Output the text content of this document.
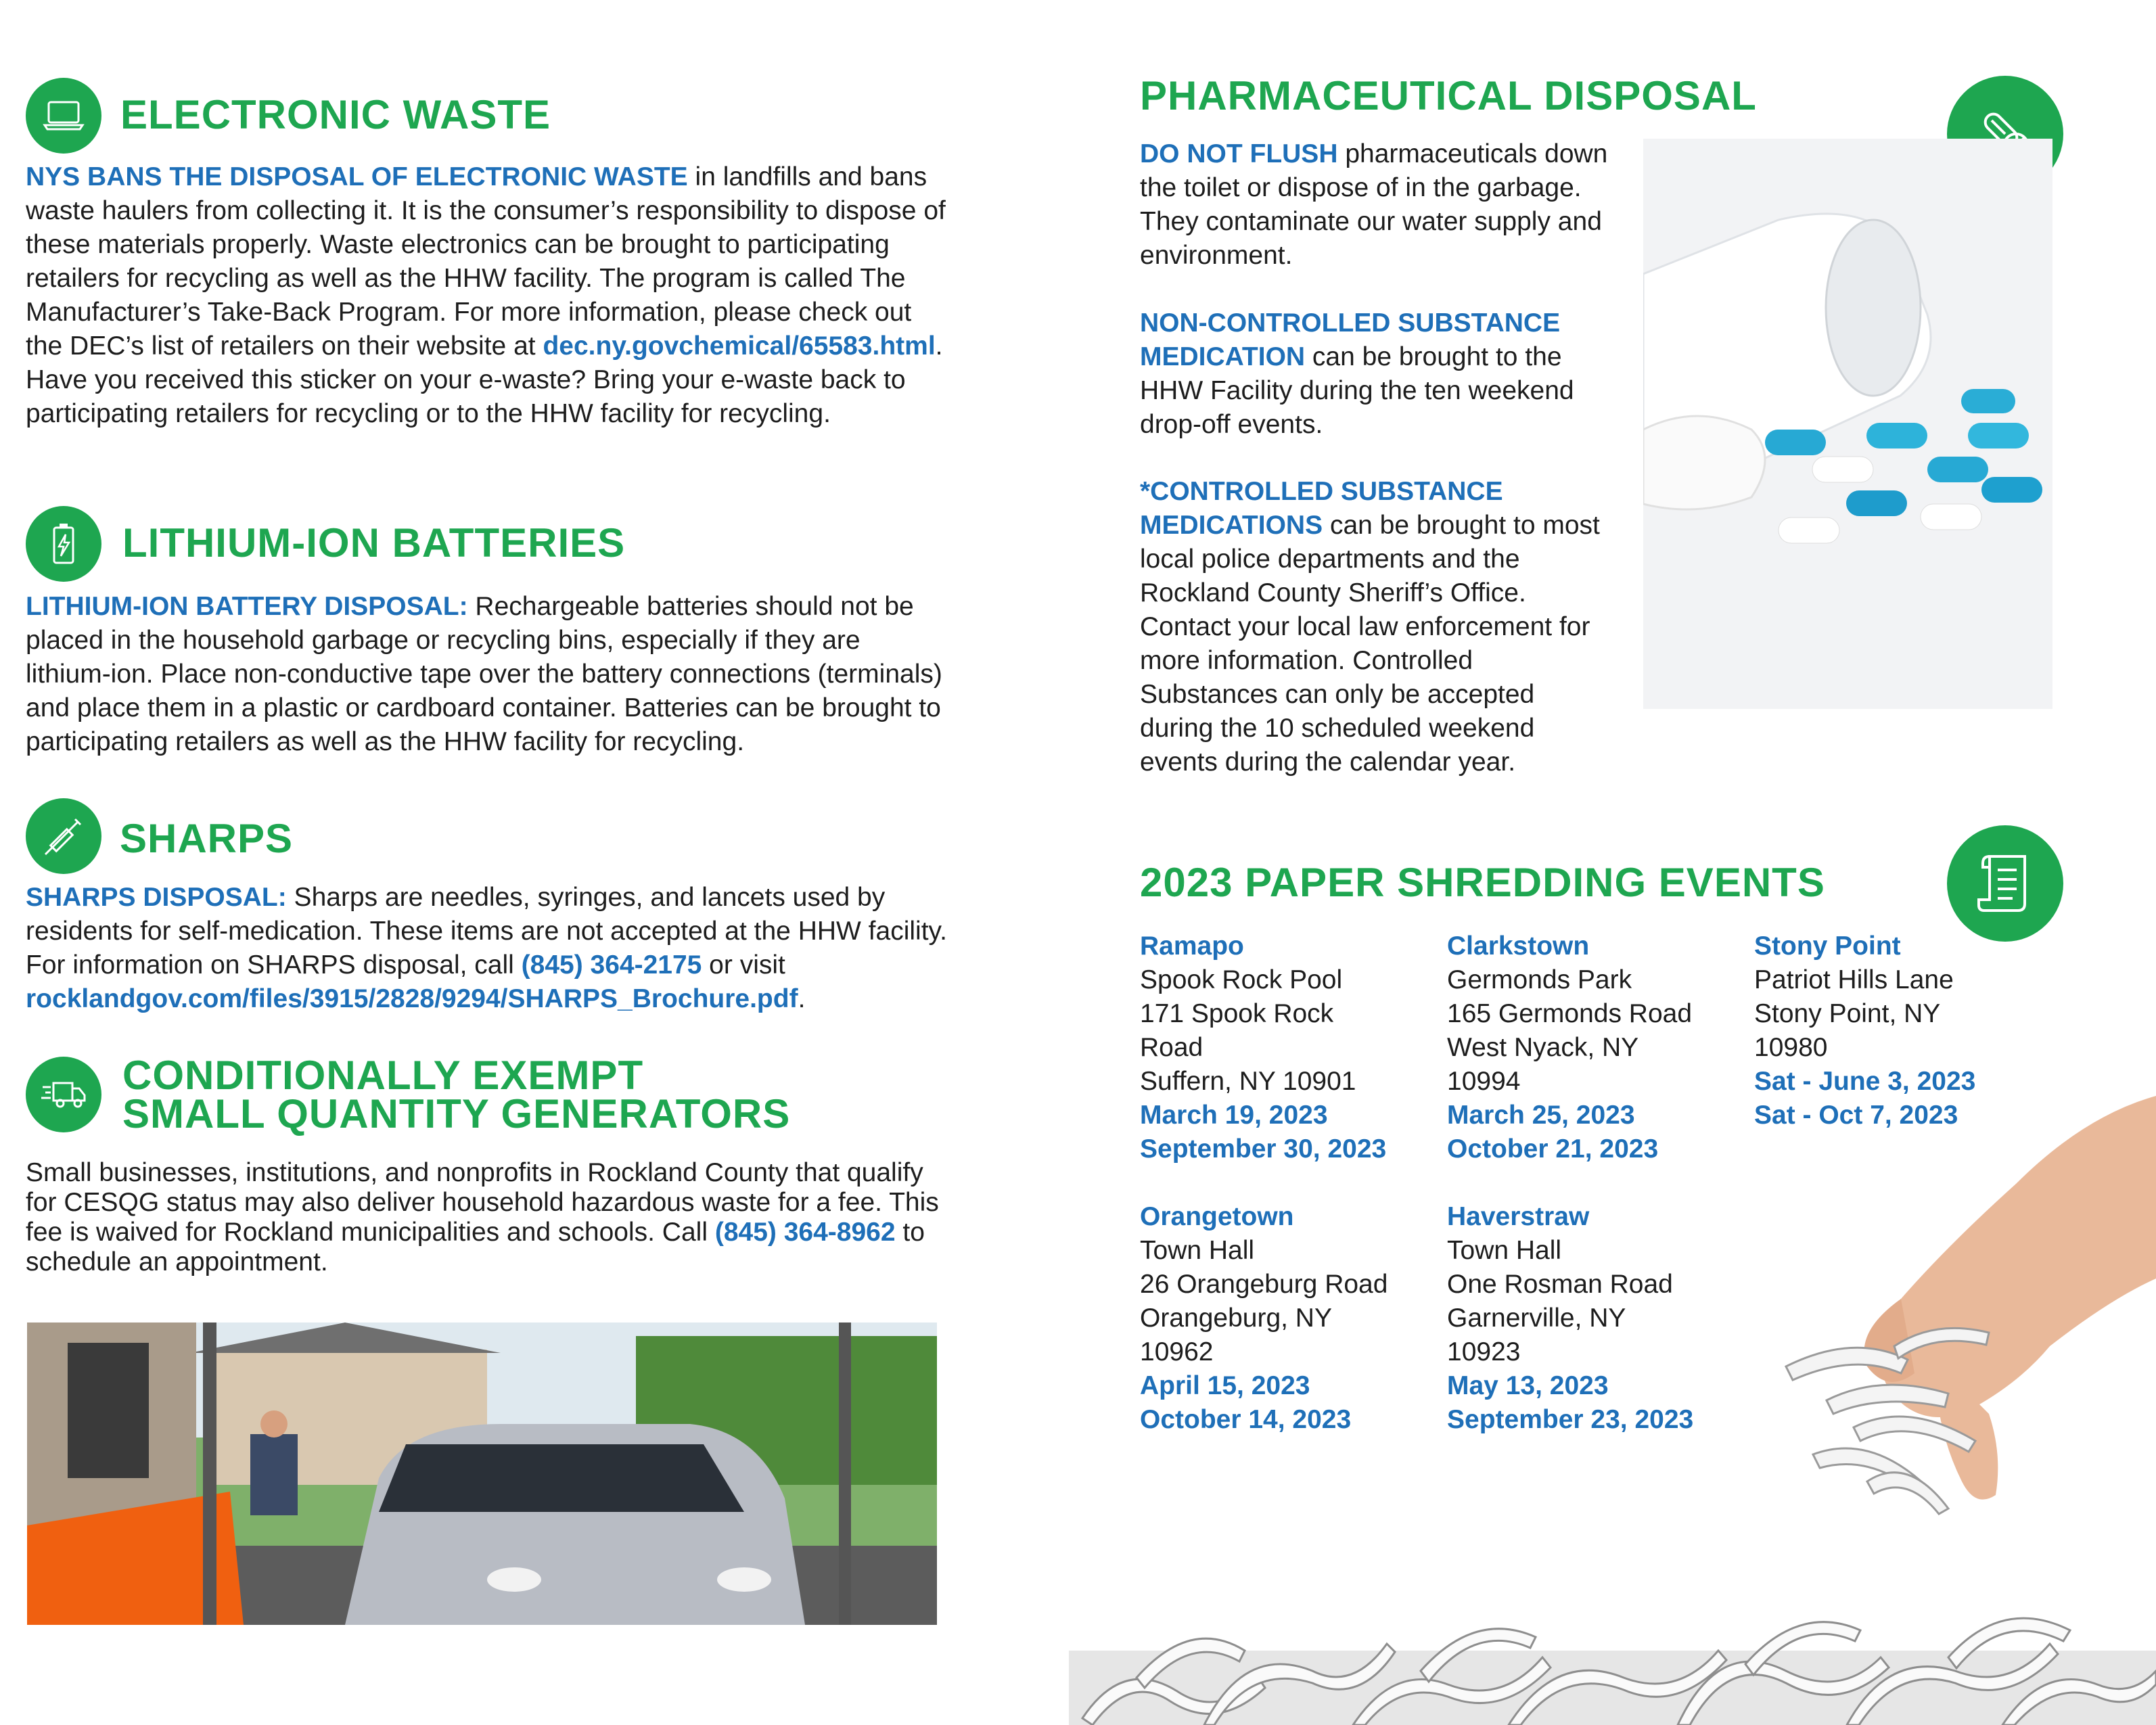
ELECTRONIC WASTE

NYS BANS THE DISPOSAL OF ELECTRONIC WASTE in landfills and bans waste haulers from collecting it. It is the consumer’s responsibility to dispose of these materials properly. Waste electronics can be brought to participating retailers for recycling as well as the HHW facility. The program is called The Manufacturer’s Take-Back Program. For more information, please check out the DEC’s list of retailers on their website at dec.ny.govchemical/65583.html. Have you received this sticker on your e-waste? Bring your e-waste back to participating retailers for recycling or to the HHW facility for recycling.

LITHIUM-ION BATTERIES

LITHIUM-ION BATTERY DISPOSAL: Rechargeable batteries should not be placed in the household garbage or recycling bins, especially if they are lithium-ion. Place non-conductive tape over the battery connections (terminals) and place them in a plastic or cardboard container. Batteries can be brought to participating retailers as well as the HHW facility for recycling.

SHARPS

SHARPS DISPOSAL: Sharps are needles, syringes, and lancets used by residents for self-medication. These items are not accepted at the HHW facility. For information on SHARPS disposal, call (845) 364-2175 or visit rocklandgov.com/files/3915/2828/9294/SHARPS_Brochure.pdf.

CONDITIONALLY EXEMPT
SMALL QUANTITY GENERATORS

Small businesses, institutions, and nonprofits in Rockland County that qualify for CESQG status may also deliver household hazardous waste for a fee. This fee is waived for Rockland municipalities and schools. Call (845) 364-8962 to schedule an appointment.

PHARMACEUTICAL DISPOSAL

DO NOT FLUSH pharmaceuticals down the toilet or dispose of in the garbage. They contaminate our water supply and environment.

NON-CONTROLLED SUBSTANCE MEDICATION can be brought to the HHW Facility during the ten weekend drop-off events.

*CONTROLLED SUBSTANCE MEDICATIONS can be brought to most local police departments and the Rockland County Sheriff’s Office. Contact your local law enforcement for more information. Controlled Substances can only be accepted during the 10 scheduled weekend events during the calendar year.

2023 PAPER SHREDDING EVENTS
Ramapo
Spook Rock Pool
171 Spook Rock
Road
Suffern, NY 10901
March 19, 2023
September 30, 2023
Clarkstown
Germonds Park
165 Germonds Road
West Nyack, NY
10994
March 25, 2023
October 21, 2023
Stony Point
Patriot Hills Lane
Stony Point, NY
10980
Sat - June 3, 2023
Sat - Oct 7, 2023
Orangetown
Town Hall
26 Orangeburg Road
Orangeburg, NY
10962
April 15, 2023
October 14, 2023
Haverstraw
Town Hall
One Rosman Road
Garnerville, NY
10923
May 13, 2023
September 23, 2023
